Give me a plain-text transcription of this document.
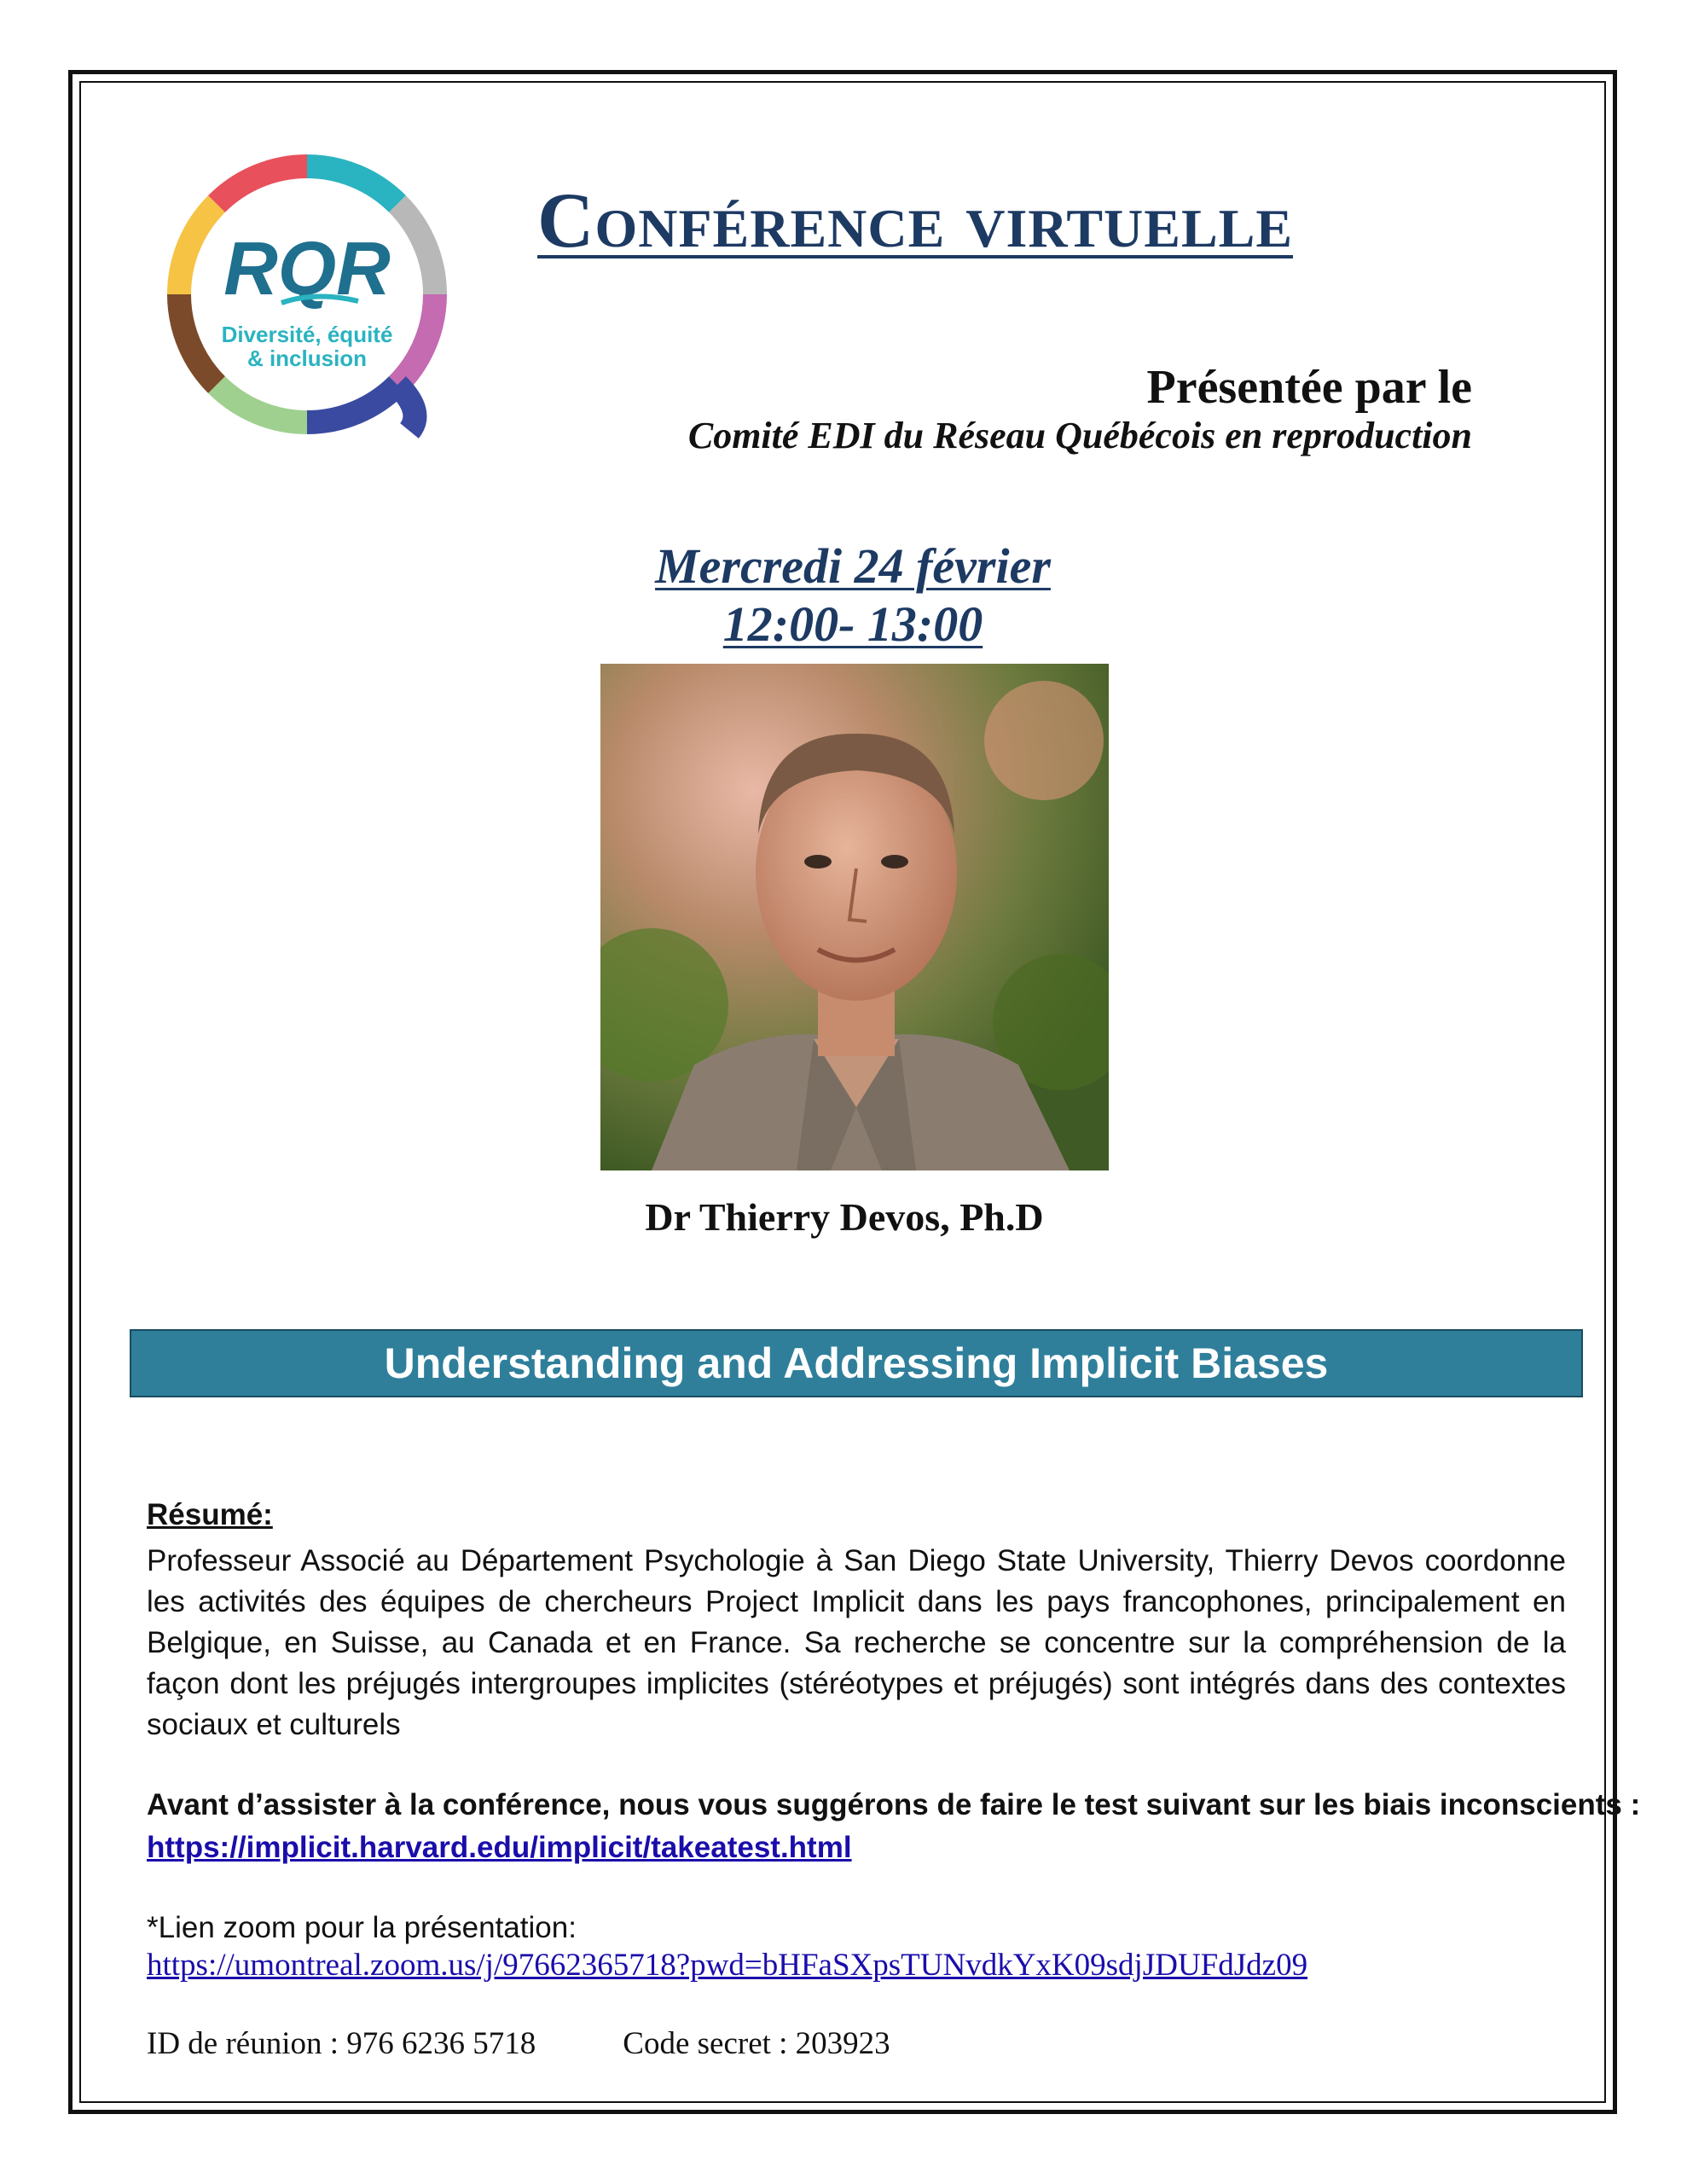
RQR
Diversité, équité
& inclusion
Conférence virtuelle
Présentée par le
Comité EDI du Réseau Québécois en reproduction
Mercredi 24 février
12:00- 13:00
Dr Thierry Devos, Ph.D
Understanding and Addressing Implicit Biases
Résumé:
Professeur Associé au Département Psychologie à San Diego State University, Thierry Devos coordonne les activités des équipes de chercheurs Project Implicit dans les pays francophones, principalement en Belgique, en Suisse, au Canada et en France. Sa recherche se concentre sur la compréhension de la façon dont les préjugés intergroupes implicites (stéréotypes et préjugés) sont intégrés dans des contextes sociaux et culturels
Avant d’assister à la conférence, nous vous suggérons de faire le test suivant sur les biais inconscients :
https://implicit.harvard.edu/implicit/takeatest.html
*Lien zoom pour la présentation:
https://umontreal.zoom.us/j/97662365718?pwd=bHFaSXpsTUNvdkYxK09sdjJDUFdJdz09
ID de réunion : 976 6236 5718	Code secret : 203923
